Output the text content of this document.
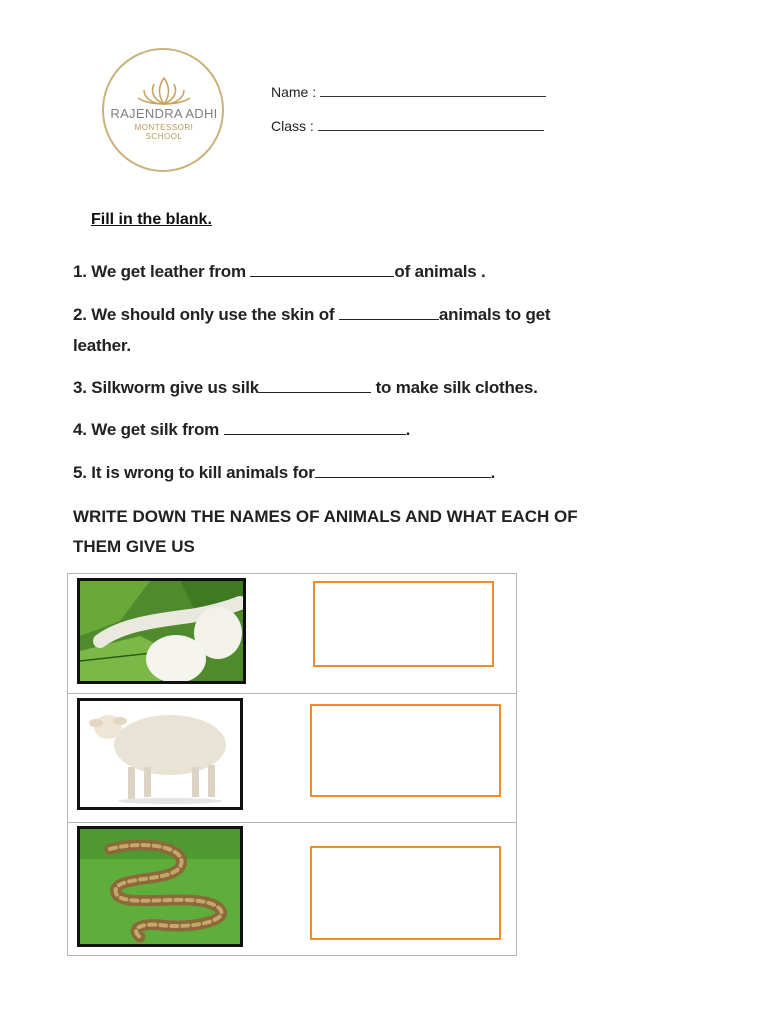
RAJENDRA ADHI
MONTESSORI
SCHOOL
Name :
Class :
Fill in the blank.
1. We get leather from	of animals .
2. We should only use the skin of	animals to get
leather.
3. Silkworm give us silk	to make silk clothes.
4. We get silk from	.
5. It is wrong to kill animals for	.
WRITE DOWN THE NAMES OF ANIMALS AND WHAT EACH OF
THEM GIVE US
